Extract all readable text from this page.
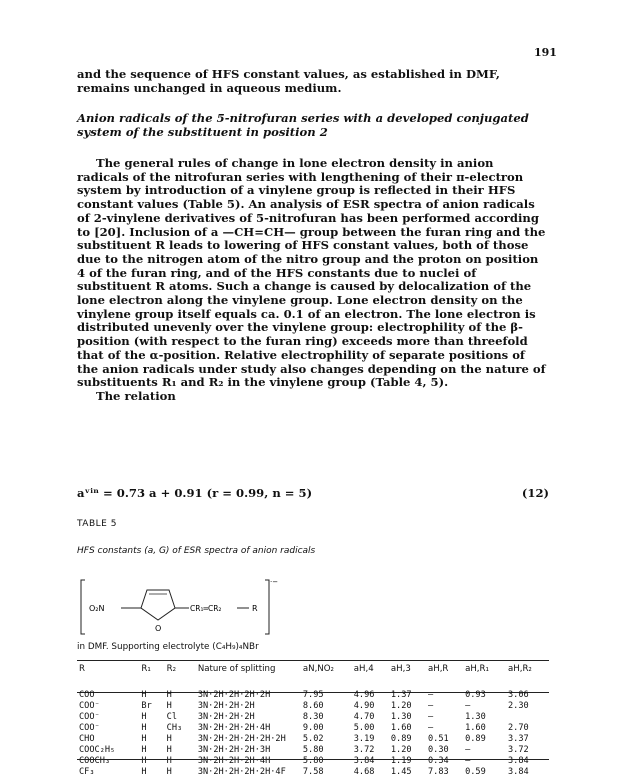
191
and the sequence of HFS constant values, as established in DMF, remains unchanged in aqueous medium.
Anion radicals of the 5-nitrofuran series with a developed conjugated system of the substituent in position 2
The general rules of change in lone electron density in anion radicals of the nitrofuran series with lengthening of their π-electron system by introduction of a vinylene group is reflected in their HFS constant values (Table 5). An analysis of ESR spectra of anion radicals of 2-vinylene derivatives of 5-nitrofuran has been performed according to [20]. Inclusion of a —CH=CH— group between the furan ring and the substituent R leads to lowering of HFS constant values, both of those due to the nitrogen atom of the nitro group and the proton on position 4 of the furan ring, and of the HFS constants due to nuclei of substituent R atoms. Such a change is caused by delocalization of the lone electron along the vinylene group. Lone electron density on the vinylene group itself equals ca. 0.1 of an electron. The lone electron is distributed unevenly over the vinylene group: electrophility of the β-position (with respect to the furan ring) exceeds more than threefold that of the α-position. Relative electrophility of separate positions of the anion radicals under study also changes depending on the nature of substituents R₁ and R₂ in the vinylene group (Table 4, 5).
The relation
aᵛⁱⁿ = 0.73 a + 0.91 (r = 0.99, n = 5)	(12)
TABLE 5
HFS constants (a, G) of ESR spectra of anion radicals
O₂N
O
CR₁═CR₂	R
·−
in DMF. Supporting electrolyte (C₄H₉)₄NBr
R	R₁	R₂	Nature of splitting	aN,NO₂	aH,4	aH,3	aH,R	aH,R₁	aH,R₂
COO⁻	H	H	3N·2H·2H·2H·2H	7.95	4.96	1.37	—	0.93	3.06
COO⁻	Br	H	3N·2H·2H·2H	8.60	4.90	1.20	—	—	2.30
COO⁻	H	Cl	3N·2H·2H·2H	8.30	4.70	1.30	—	1.30	
COO⁻	H	CH₃	3N·2H·2H·2H·4H	9.00	5.00	1.60	—	1.60	2.70
CHO	H	H	3N·2H·2H·2H·2H·2H	5.02	3.19	0.89	0.51	0.89	3.37
COOC₂H₅	H	H	3N·2H·2H·2H·3H	5.80	3.72	1.20	0.30	—	3.72
COOCH₃	H	H	3N·2H·2H·2H·4H	5.80	3.84	1.19	0.34	—	3.84
CF₃	H	H	3N·2H·2H·2H·2H·4F	7.58	4.68	1.45	7.83	0.59	3.84
